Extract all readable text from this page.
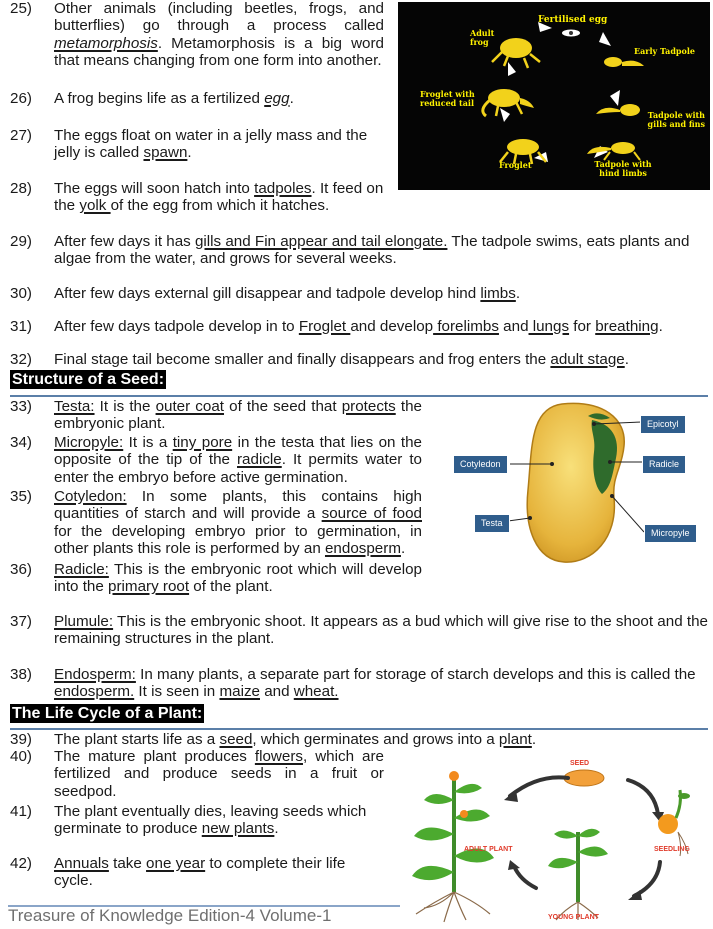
25)	Other animals (including beetles, frogs, and butterflies) go through a process called metamorphosis. Metamorphosis is a big word that means changing from one form into another.
26)	A frog begins life as a fertilized egg.
27)	The eggs float on water in a jelly mass and the jelly is called spawn.
28)	The eggs will soon hatch into tadpoles. It feed on the yolk of the egg from which it hatches.
29)	After few days it has gills and Fin appear and tail elongate. The tadpole swims, eats plants and algae from the water, and grows for several weeks.
30)	After few days external gill disappear and tadpole develop hind limbs.
31)	After few days tadpole develop in to Froglet and develop forelimbs and lungs for breathing.
32)	Final stage tail become smaller and finally disappears and frog enters the adult stage.
Fertilised egg
Early Tadpole
Tadpole with
gills and fins
Tadpole with
hind limbs
Froglet
Froglet with
reduced tail
Adult
frog
Structure of a Seed:
33)	Testa: It is the outer coat of the seed that protects the embryonic plant.
34)	Micropyle: It is a tiny pore in the testa that lies on the opposite of the tip of the radicle. It permits water to enter the embryo before active germination.
35)	Cotyledon: In some plants, this contains high quantities of starch and will provide a source of food for the developing embryo prior to germination, in other plants this role is performed by an endosperm.
36)	Radicle: This is the embryonic root which will develop into the primary root of the plant.
Epicotyl
Radicle
Micropyle
Cotyledon
Testa
37)	Plumule: This is the embryonic shoot. It appears as a bud which will give rise to the shoot and the remaining structures in the plant.
38)	Endosperm: In many plants, a separate part for storage of starch develops and this is called the endosperm. It is seen in maize and wheat.
The Life Cycle of a Plant:
39)	The plant starts life as a seed, which germinates and grows into a plant.
40)	The mature plant produces flowers, which are fertilized and produce seeds in a fruit or seedpod.
41)	The plant eventually dies, leaving seeds which germinate to produce new plants.
42)	Annuals take one year to complete their life cycle.
SEED
SEEDLING
YOUNG PLANT
ADULT PLANT
Treasure of Knowledge Edition-4 Volume-1
